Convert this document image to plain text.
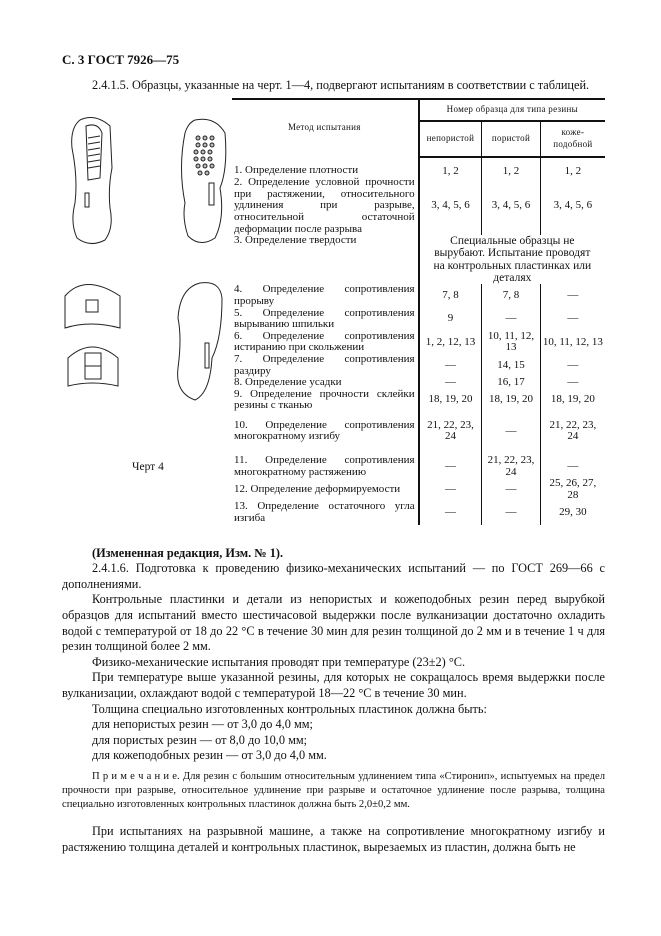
С. 3 ГОСТ 7926—75

2.4.1.5. Образцы, указанные на черт. 1—4, подвергают испытаниям в соответствии с таблицей.

Черт 4
Метод испытания	Номер образца для типа резины		
	непористой	пористой	коже-
подобной
1. Определение плотности	1, 2	1, 2	1, 2
2. Определение условной прочности при растяжении, относительного удлинения при разрыве, относительной остаточной деформации после разрыва	3, 4, 5, 6	3, 4, 5, 6	3, 4, 5, 6
3. Определение твердости	Специальные образцы не вырубают. Испытание проводят на контрольных пластинках или деталях		
4. Определение сопротивления прорыву	7, 8	7, 8	—
5. Определение сопротивления вырыванию шпильки	9	—	—
6. Определение сопротивления истиранию при скольжении	1, 2, 12, 13	10, 11, 12, 13	10, 11, 12, 13
7. Определение сопротивления раздиру	—	14, 15	—
8. Определение усадки	—	16, 17	—
9. Определение прочности склейки резины с тканью	18, 19, 20	18, 19, 20	18, 19, 20
10. Определение сопротивления многократному изгибу	21, 22, 23, 24	—	21, 22, 23, 24
11. Определение сопротивления многократному растяжению	—	21, 22, 23, 24	—
12. Определение деформируемости	—	—	25, 26, 27, 28
13. Определение остаточного угла изгиба	—	—	29, 30

(Измененная редакция, Изм. № 1).

2.4.1.6. Подготовка к проведению физико-механических испытаний — по ГОСТ 269—66 с дополнениями.

Контрольные пластинки и детали из непористых и кожеподобных резин перед вырубкой образцов для испытаний вместо шестичасовой выдержки после вулканизации достаточно охладить водой с температурой от 18 до 22 °С в течение 30 мин для резин толщиной до 2 мм и в течение 1 ч для резин толщиной более 2 мм.

Физико-механические испытания проводят при температуре (23±2) °С.

При температуре выше указанной резины, для которых не сокращалось время выдержки после вулканизации, охлаждают водой с температурой 18—22 °С в течение 30 мин.

Толщина специально изготовленных контрольных пластинок должна быть:

для непористых резин — от 3,0 до 4,0 мм;

для пористых резин — от 8,0 до 10,0 мм;

для кожеподобных резин — от 3,0 до 4,0 мм.

П р и м е ч а н и е. Для резин с большим относительным удлинением типа «Стиронип», испытуемых на предел прочности при разрыве, относительное удлинение при разрыве и остаточное удлинение после разрыва, толщина специально изготовленных контрольных пластинок должна быть 2,0±0,2 мм.

При испытаниях на разрывной машине, а также на сопротивление многократному изгибу и растяжению толщина деталей и контрольных пластинок, вырезаемых из пластин, должна быть не
